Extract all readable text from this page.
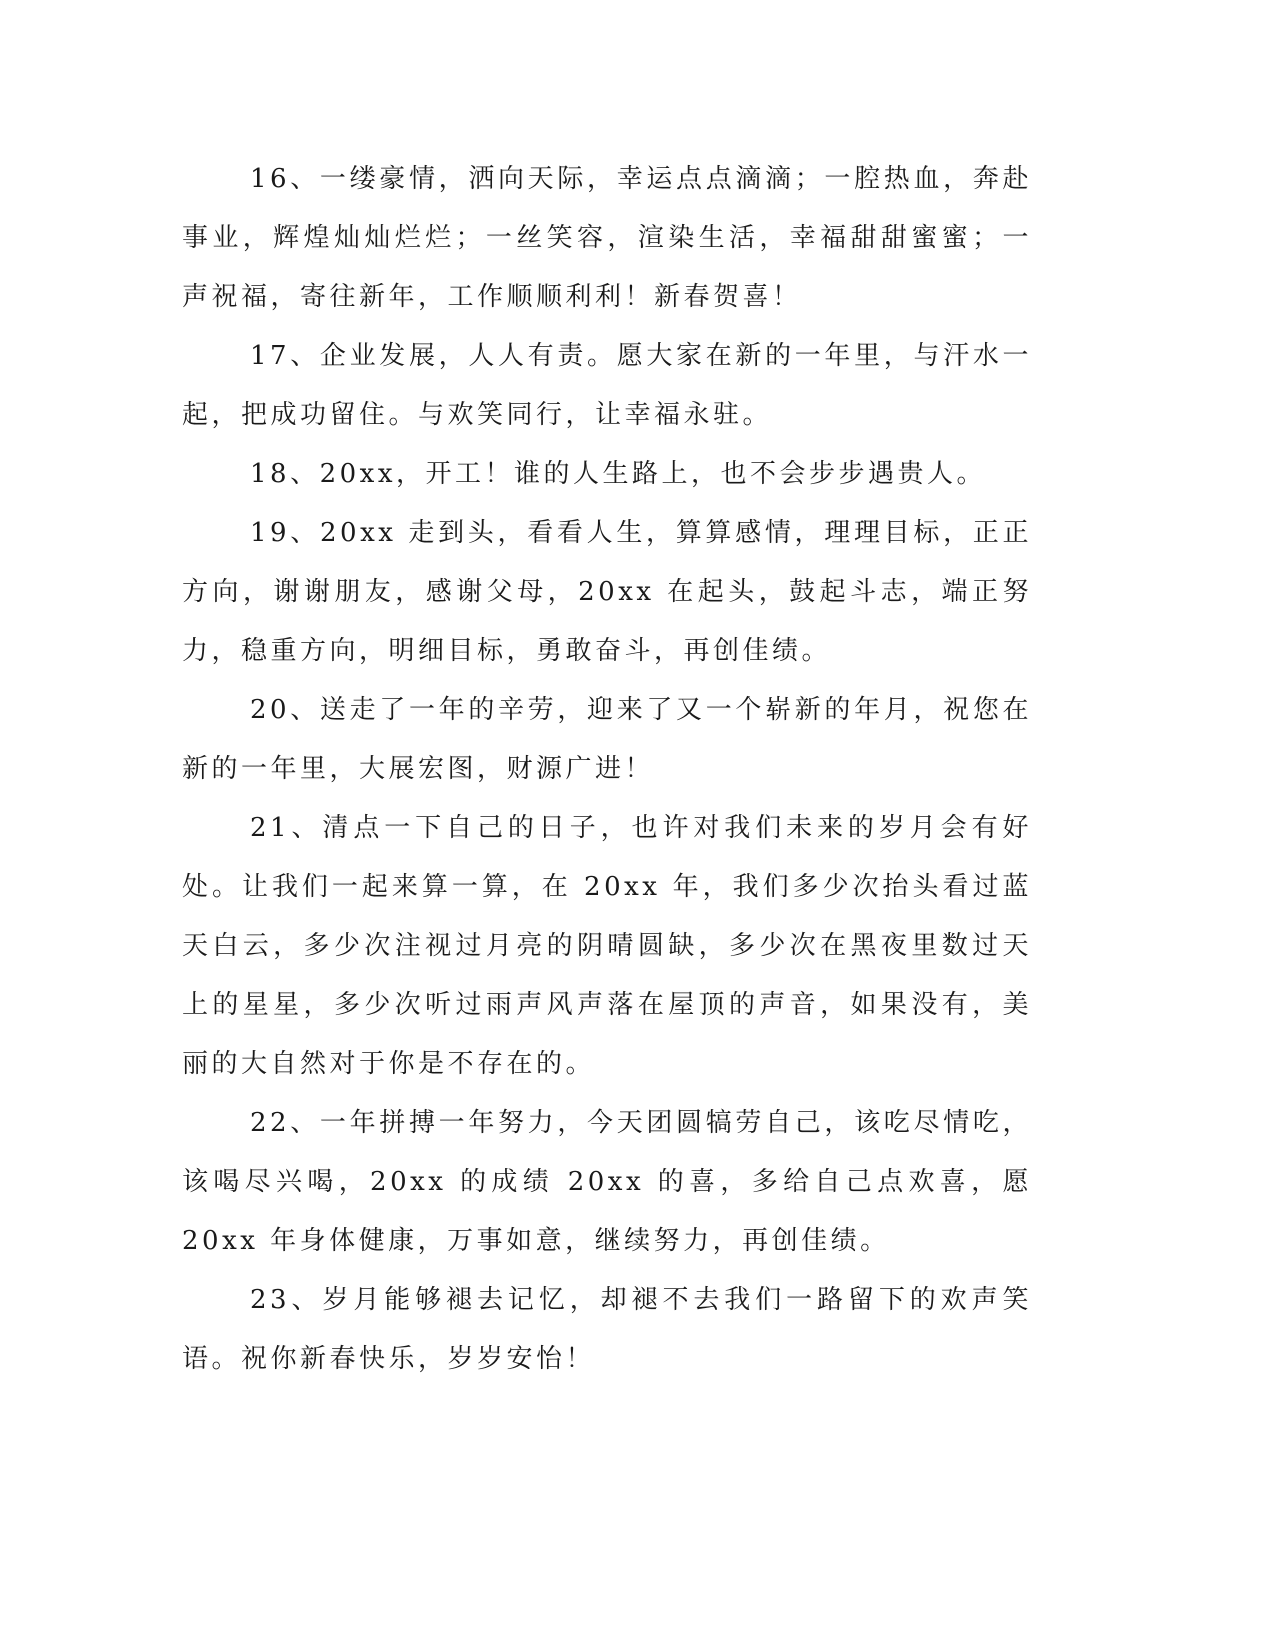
16、一缕豪情，洒向天际，幸运点点滴滴；一腔热血，奔赴事业，辉煌灿灿烂烂；一丝笑容，渲染生活，幸福甜甜蜜蜜；一声祝福，寄往新年，工作顺顺利利！新春贺喜！

17、企业发展，人人有责。愿大家在新的一年里，与汗水一起，把成功留住。与欢笑同行，让幸福永驻。

18、20xx，开工！谁的人生路上，也不会步步遇贵人。

19、20xx 走到头，看看人生，算算感情，理理目标，正正方向，谢谢朋友，感谢父母，20xx 在起头，鼓起斗志，端正努力，稳重方向，明细目标，勇敢奋斗，再创佳绩。

20、送走了一年的辛劳，迎来了又一个崭新的年月，祝您在新的一年里，大展宏图，财源广进！

21、清点一下自己的日子，也许对我们未来的岁月会有好处。让我们一起来算一算，在 20xx 年，我们多少次抬头看过蓝天白云，多少次注视过月亮的阴晴圆缺，多少次在黑夜里数过天上的星星，多少次听过雨声风声落在屋顶的声音，如果没有，美丽的大自然对于你是不存在的。

22、一年拼搏一年努力，今天团圆犒劳自己，该吃尽情吃，该喝尽兴喝，20xx 的成绩 20xx 的喜，多给自己点欢喜，愿 20xx 年身体健康，万事如意，继续努力，再创佳绩。

23、岁月能够褪去记忆，却褪不去我们一路留下的欢声笑语。祝你新春快乐，岁岁安怡！
